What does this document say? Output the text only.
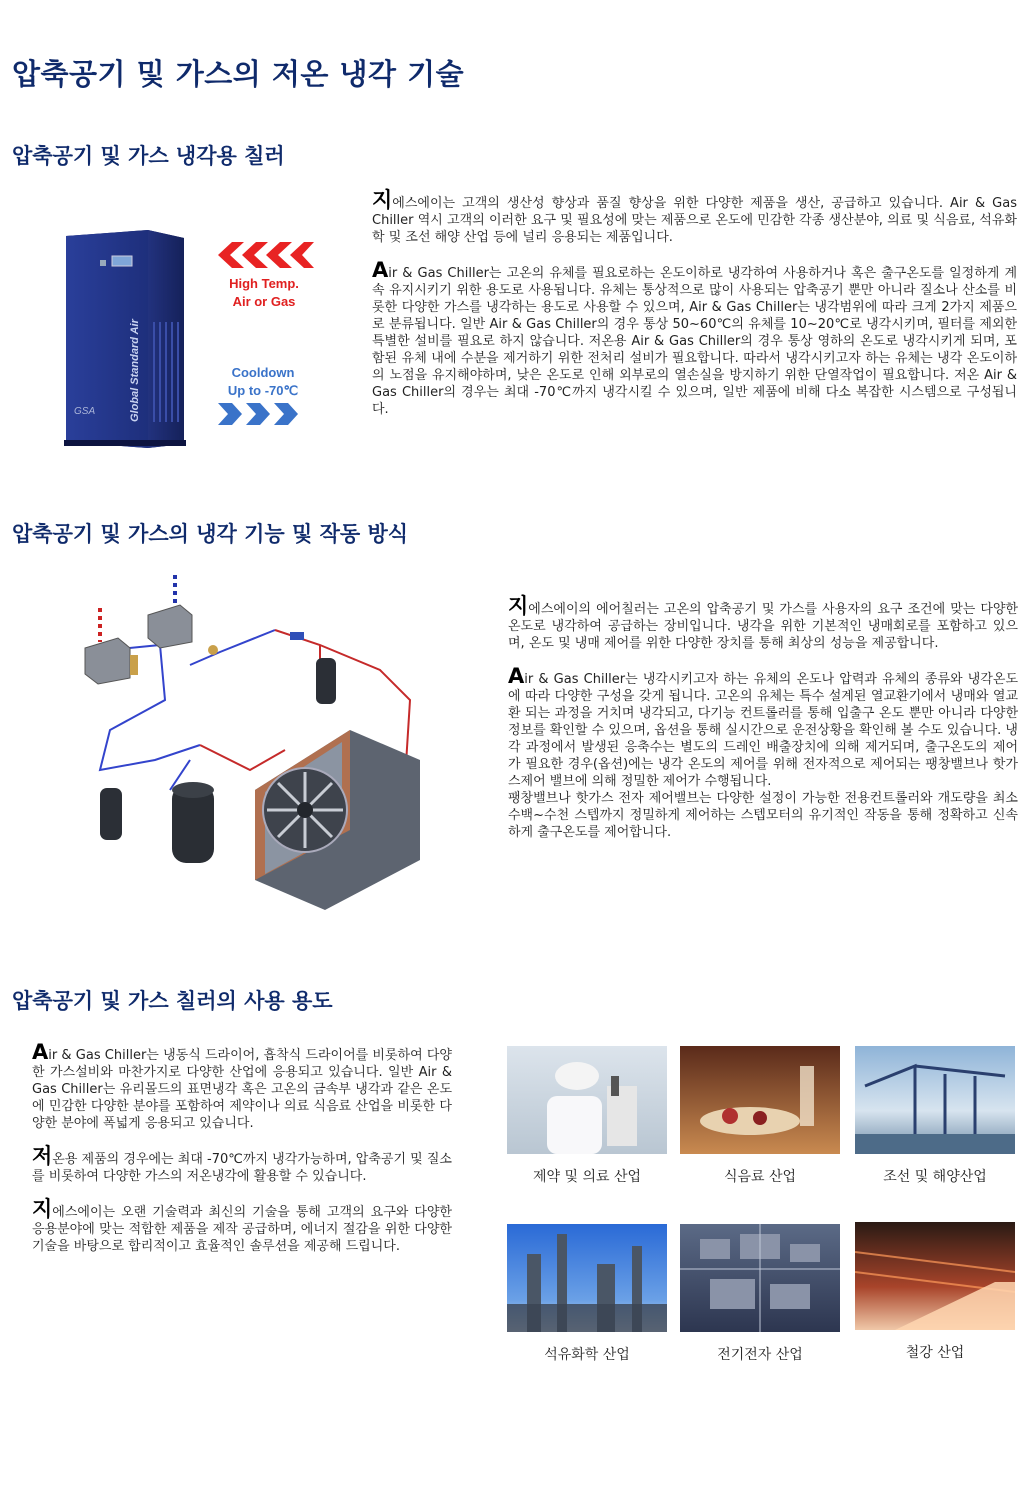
압축공기 및 가스의 저온 냉각 기술
압축공기 및 가스 냉각용 칠러
Global Standard Air
GSA
High Temp.
Air or Gas
Cooldown
Up to -70℃

지에스에이는 고객의 생산성 향상과 품질 향상을 위한 다양한 제품을 생산, 공급하고 있습니다. Air & Gas Chiller 역시 고객의 이러한 요구 및 필요성에 맞는 제품으로 온도에 민감한 각종 생산분야, 의료 및 식음료, 석유화학 및 조선 해양 산업 등에 널리 응용되는 제품입니다.

Air & Gas Chiller는 고온의 유체를 필요로하는 온도이하로 냉각하여 사용하거나 혹은 출구온도를 일정하게 계속 유지시키기 위한 용도로 사용됩니다. 유체는 통상적으로 많이 사용되는 압축공기 뿐만 아니라 질소나 산소를 비롯한 다양한 가스를 냉각하는 용도로 사용할 수 있으며, Air & Gas Chiller는 냉각범위에 따라 크게 2가지 제품으로 분류됩니다. 일반 Air & Gas Chiller의 경우 통상 50~60℃의 유체를 10~20℃로 냉각시키며, 필터를 제외한 특별한 설비를 필요로 하지 않습니다. 저온용 Air & Gas Chiller의 경우 통상 영하의 온도로 냉각시키게 되며, 포함된 유체 내에 수분을 제거하기 위한 전처리 설비가 필요합니다. 따라서 냉각시키고자 하는 유체는 냉각 온도이하의 노점을 유지해야하며, 낮은 온도로 인해 외부로의 열손실을 방지하기 위한 단열작업이 필요합니다. 저온 Air & Gas Chiller의 경우는 최대 -70℃까지 냉각시킬 수 있으며, 일반 제품에 비해 다소 복잡한 시스템으로 구성됩니다.

압축공기 및 가스의 냉각 기능 및 작동 방식

지에스에이의 에어칠러는 고온의 압축공기 및 가스를 사용자의 요구 조건에 맞는 다양한 온도로 냉각하여 공급하는 장비입니다. 냉각을 위한 기본적인 냉매회로를 포함하고 있으며, 온도 및 냉매 제어를 위한 다양한 장치를 통해 최상의 성능을 제공합니다.

Air & Gas Chiller는 냉각시키고자 하는 유체의 온도나 압력과 유체의 종류와 냉각온도에 따라 다양한 구성을 갖게 됩니다. 고온의 유체는 특수 설계된 열교환기에서 냉매와 열교환 되는 과정을 거치며 냉각되고, 다기능 컨트롤러를 통해 입출구 온도 뿐만 아니라 다양한 정보를 확인할 수 있으며, 옵션을 통해 실시간으로 운전상황을 확인해 볼 수도 있습니다. 냉각 과정에서 발생된 응축수는 별도의 드레인 배출장치에 의해 제거되며, 출구온도의 제어가 필요한 경우(옵션)에는 냉각 온도의 제어를 위해 전자적으로 제어되는 팽창밸브나 핫가스제어 밸브에 의해 정밀한 제어가 수행됩니다.

팽창밸브나 핫가스 전자 제어밸브는 다양한 설정이 가능한 전용컨트롤러와 개도량을 최소 수백~수천 스텝까지 정밀하게 제어하는 스텝모터의 유기적인 작동을 통해 정확하고 신속하게 출구온도를 제어합니다.

압축공기 및 가스 칠러의 사용 용도

Air & Gas Chiller는 냉동식 드라이어, 흡착식 드라이어를 비롯하여 다양한 가스설비와 마찬가지로 다양한 산업에 응용되고 있습니다. 일반 Air & Gas Chiller는 유리몰드의 표면냉각 혹은 고온의 금속부 냉각과 같은 온도에 민감한 다양한 분야를 포함하여 제약이나 의료 식음료 산업을 비롯한 다양한 분야에 폭넓게 응용되고 있습니다.

저온용 제품의 경우에는 최대 -70℃까지 냉각가능하며, 압축공기 및 질소를 비롯하여 다양한 가스의 저온냉각에 활용할 수 있습니다.

지에스에이는 오랜 기술력과 최신의 기술을 통해 고객의 요구와 다양한 응용분야에 맞는 적합한 제품을 제작 공급하며, 에너지 절감을 위한 다양한 기술을 바탕으로 합리적이고 효율적인 솔루션을 제공해 드립니다.

제약 및 의료 산업	식음료 산업	조선 및 해양산업
석유화학 산업	전기전자 산업	철강 산업
